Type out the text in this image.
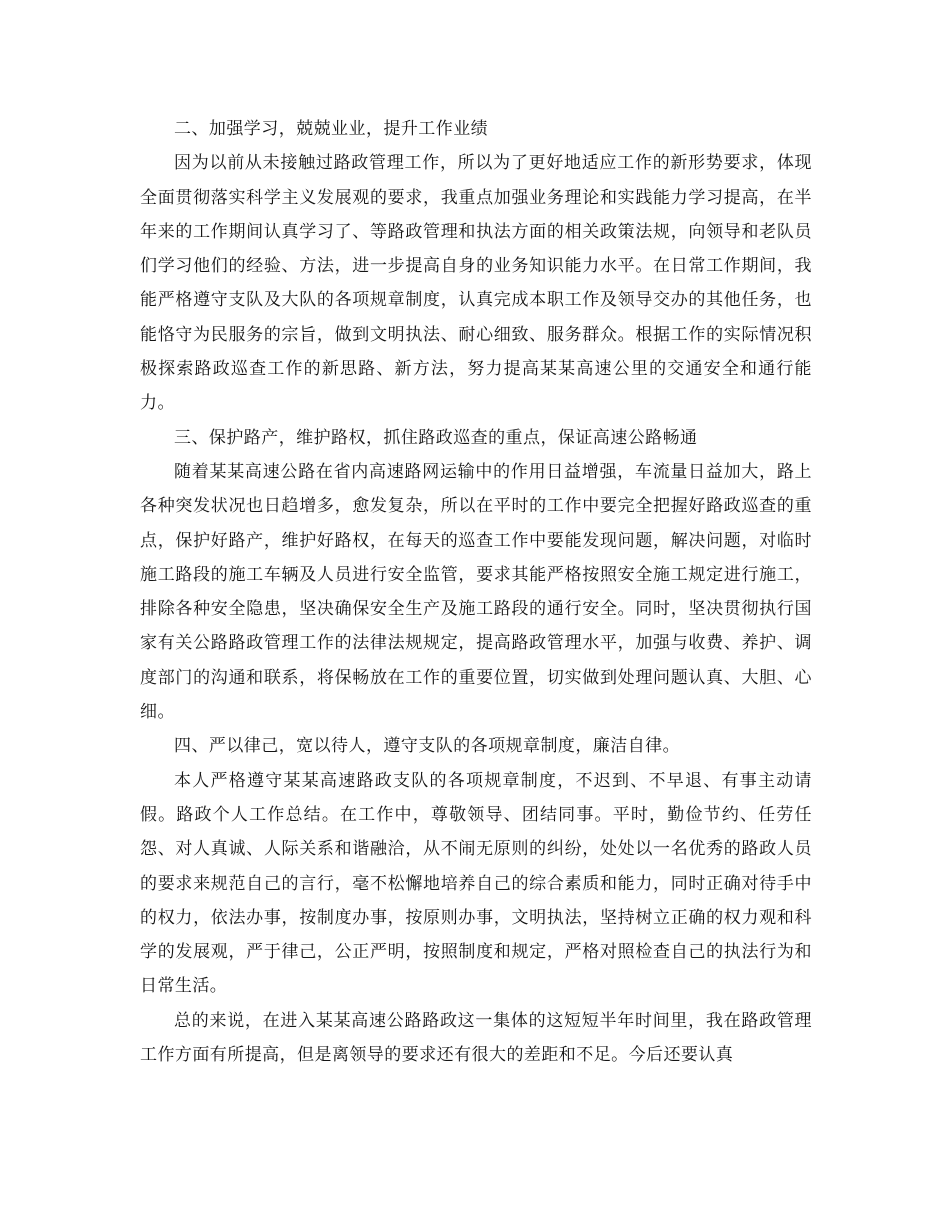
二、加强学习，兢兢业业，提升工作业绩

因为以前从未接触过路政管理工作，所以为了更好地适应工作的新形势要求，体现全面贯彻落实科学主义发展观的要求，我重点加强业务理论和实践能力学习提高，在半年来的工作期间认真学习了、等路政管理和执法方面的相关政策法规，向领导和老队员们学习他们的经验、方法，进一步提高自身的业务知识能力水平。在日常工作期间，我能严格遵守支队及大队的各项规章制度，认真完成本职工作及领导交办的其他任务，也能恪守为民服务的宗旨，做到文明执法、耐心细致、服务群众。根据工作的实际情况积极探索路政巡查工作的新思路、新方法，努力提高某某高速公里的交通安全和通行能力。

三、保护路产，维护路权，抓住路政巡查的重点，保证高速公路畅通

随着某某高速公路在省内高速路网运输中的作用日益增强，车流量日益加大，路上各种突发状况也日趋增多，愈发复杂，所以在平时的工作中要完全把握好路政巡查的重点，保护好路产，维护好路权，在每天的巡查工作中要能发现问题，解决问题，对临时施工路段的施工车辆及人员进行安全监管，要求其能严格按照安全施工规定进行施工，排除各种安全隐患，坚决确保安全生产及施工路段的通行安全。同时，坚决贯彻执行国家有关公路路政管理工作的法律法规规定，提高路政管理水平，加强与收费、养护、调度部门的沟通和联系，将保畅放在工作的重要位置，切实做到处理问题认真、大胆、心细。

四、严以律己，宽以待人，遵守支队的各项规章制度，廉洁自律。

本人严格遵守某某高速路政支队的各项规章制度，不迟到、不早退、有事主动请假。路政个人工作总结。在工作中，尊敬领导、团结同事。平时，勤俭节约、任劳任怨、对人真诚、人际关系和谐融洽，从不闹无原则的纠纷，处处以一名优秀的路政人员的要求来规范自己的言行，毫不松懈地培养自己的综合素质和能力，同时正确对待手中的权力，依法办事，按制度办事，按原则办事，文明执法，坚持树立正确的权力观和科学的发展观，严于律己，公正严明，按照制度和规定，严格对照检查自己的执法行为和日常生活。

总的来说，在进入某某高速公路路政这一集体的这短短半年时间里，我在路政管理工作方面有所提高，但是离领导的要求还有很大的差距和不足。今后还要认真
